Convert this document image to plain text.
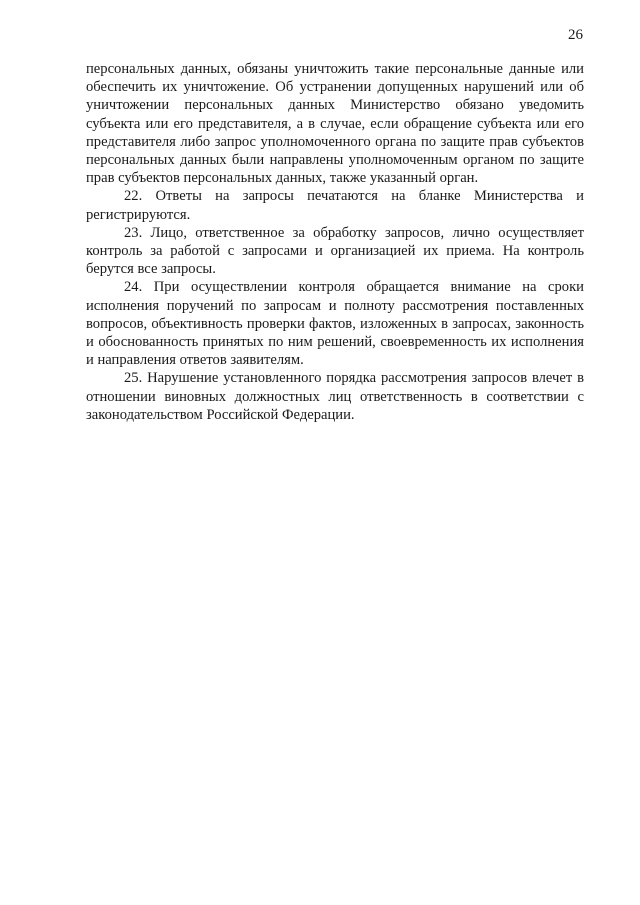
26

персональных данных, обязаны уничтожить такие персональные данные или обеспечить их уничтожение. Об устранении допущенных нарушений или об уничтожении персональных данных Министерство обязано уведомить субъекта или его представителя, а в случае, если обращение субъекта или его представителя либо запрос уполномоченного органа по защите прав субъектов персональных данных были направлены уполномоченным органом по защите прав субъектов персональных данных, также указанный орган.

22. Ответы на запросы печатаются на бланке Министерства и регистрируются.

23. Лицо, ответственное за обработку запросов, лично осуществляет контроль за работой с запросами и организацией их приема. На контроль берутся все запросы.

24. При осуществлении контроля обращается внимание на сроки исполнения поручений по запросам и полноту рассмотрения поставленных вопросов, объективность проверки фактов, изложенных в запросах, законность и обоснованность принятых по ним решений, своевременность их исполнения и направления ответов заявителям.

25. Нарушение установленного порядка рассмотрения запросов влечет в отношении виновных должностных лиц ответственность в соответствии с законодательством Российской Федерации.
